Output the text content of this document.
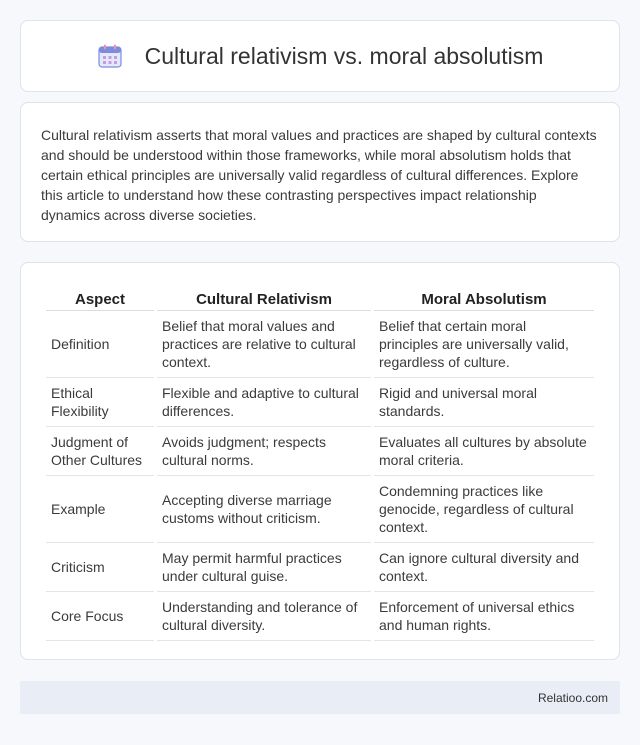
Cultural relativism vs. moral absolutism

Cultural relativism asserts that moral values and practices are shaped by cultural contexts and should be understood within those frameworks, while moral absolutism holds that certain ethical principles are universally valid regardless of cultural differences. Explore this article to understand how these contrasting perspectives impact relationship dynamics across diverse societies.

Aspect	Cultural Relativism	Moral Absolutism
Definition	Belief that moral values and practices are relative to cultural context.	Belief that certain moral principles are universally valid, regardless of culture.
Ethical Flexibility	Flexible and adaptive to cultural differences.	Rigid and universal moral standards.
Judgment of Other Cultures	Avoids judgment; respects cultural norms.	Evaluates all cultures by absolute moral criteria.
Example	Accepting diverse marriage customs without criticism.	Condemning practices like genocide, regardless of cultural context.
Criticism	May permit harmful practices under cultural guise.	Can ignore cultural diversity and context.
Core Focus	Understanding and tolerance of cultural diversity.	Enforcement of universal ethics and human rights.
Relatioo.com
